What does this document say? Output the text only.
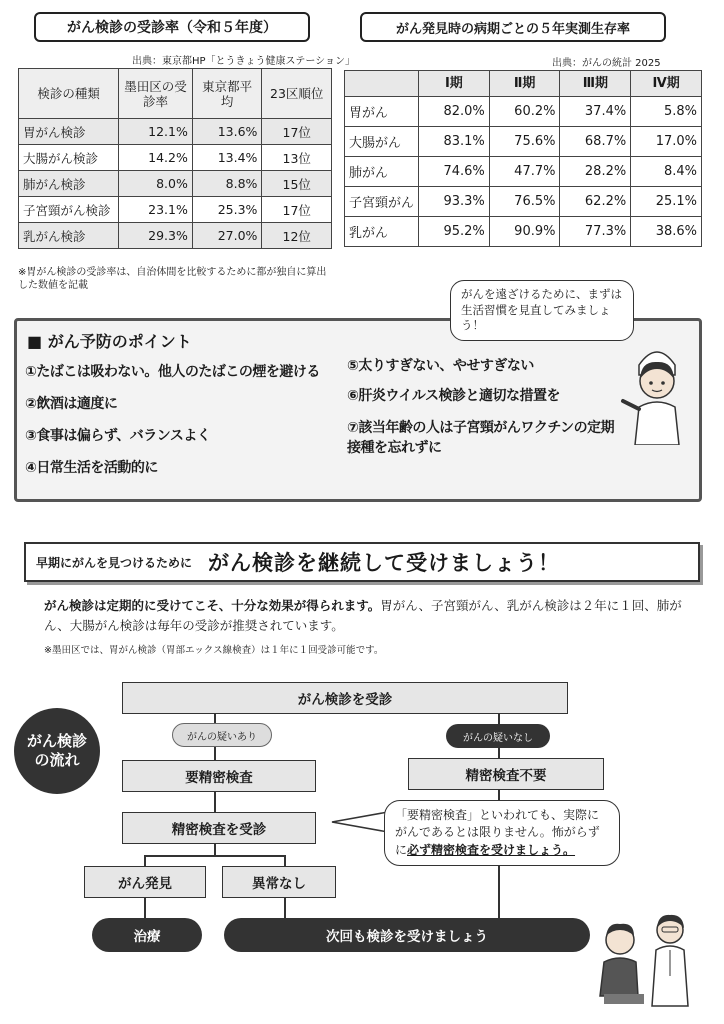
がん検診の受診率（令和５年度）
出典：東京都HP「とうきょう健康ステーション」
検診の種類	墨田区の受診率	東京都平均	23区順位
胃がん検診	12.1%	13.6%	17位
大腸がん検診	14.2%	13.4%	13位
肺がん検診	8.0%	8.8%	15位
子宮頸がん検診	23.1%	25.3%	17位
乳がん検診	29.3%	27.0%	12位
※胃がん検診の受診率は、自治体間を比較するために都が独自に算出した数値を記載
がん発見時の病期ごとの５年実測生存率
出典：がんの統計 2025
	Ⅰ期	Ⅱ期	Ⅲ期	Ⅳ期
胃がん	82.0%	60.2%	37.4%	5.8%
大腸がん	83.1%	75.6%	68.7%	17.0%
肺がん	74.6%	47.7%	28.2%	8.4%
子宮頸がん	93.3%	76.5%	62.2%	25.1%
乳がん	95.2%	90.9%	77.3%	38.6%
■ がん予防のポイント
①たばこは吸わない。他人のたばこの煙を避ける
②飲酒は適度に
③食事は偏らず、バランスよく
④日常生活を活動的に
⑤太りすぎない、やせすぎない
⑥肝炎ウイルス検診と適切な措置を
⑦該当年齢の人は子宮頸がんワクチンの定期接種を忘れずに
がんを遠ざけるために、まずは生活習慣を見直してみましょう！
早期にがんを見つけるために がん検診を継続して受けましょう！
がん検診は定期的に受けてこそ、十分な効果が得られます。胃がん、子宮頸がん、乳がん検診は２年に１回、肺がん、大腸がん検診は毎年の受診が推奨されています。
※墨田区では、胃がん検診（胃部エックス線検査）は１年に１回受診可能です。
がん検診の流れ
がん検診を受診
がんの疑いあり	がんの疑いなし
要精密検査	精密検査不要
精密検査を受診
がん発見	異常なし
治療	次回も検診を受けましょう
「要精密検査」といわれても、実際にがんであるとは限りません。怖がらずに必ず精密検査を受けましょう。
